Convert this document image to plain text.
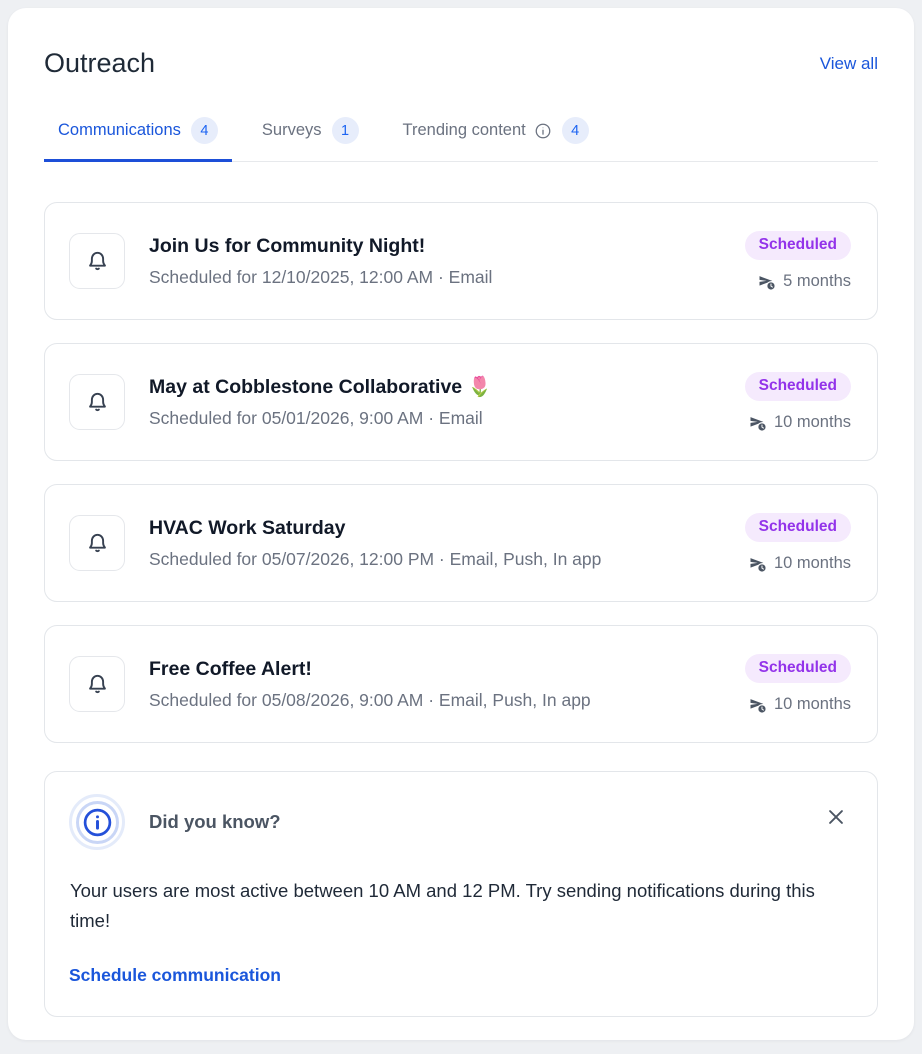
Outreach	View all
Communications	4	Surveys	1	Trending content	4
Join Us for Community Night!
Scheduled for 12/10/2025, 12:00 AM · Email
Scheduled
5 months
May at Cobblestone Collaborative 🌷
Scheduled for 05/01/2026, 9:00 AM · Email
Scheduled
10 months
HVAC Work Saturday
Scheduled for 05/07/2026, 12:00 PM · Email, Push, In app
Scheduled
10 months
Free Coffee Alert!
Scheduled for 05/08/2026, 9:00 AM · Email, Push, In app
Scheduled
10 months
Did you know?
Your users are most active between 10 AM and 12 PM. Try sending notifications during this time!
Schedule communication
